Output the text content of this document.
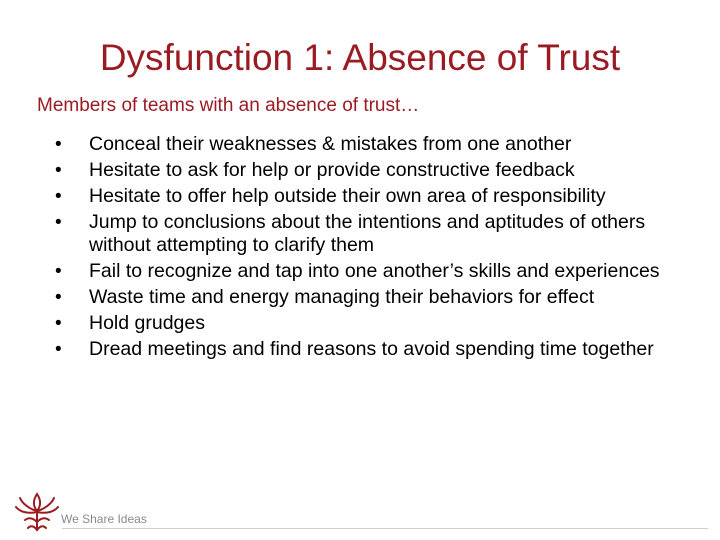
Dysfunction 1: Absence of Trust
Members of teams with an absence of trust…
• Conceal their weaknesses & mistakes from one another
• Hesitate to ask for help or provide constructive feedback
• Hesitate to offer help outside their own area of responsibility
• Jump to conclusions about the intentions and aptitudes of others without attempting to clarify them
• Fail to recognize and tap into one another’s skills and experiences
• Waste time and energy managing their behaviors for effect
• Hold grudges
• Dread meetings and find reasons to avoid spending time together
We Share Ideas
